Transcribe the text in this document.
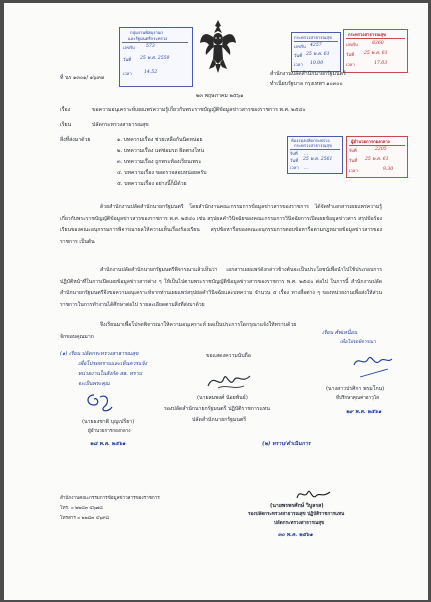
กลุ่มงานพัสดุงานก
และรัฐมนตรีกระทรวง
เลขรับ 573
วันที่ 25 พ.ค. 2559
เวลา	14.52
กระทรวงสาธารณสุข
เลขรับ 4257
วันที่ 25 พ.ค. 61
เวลา 10.00
กระทรวงสาธารณสุข
เลขรับ	8360
วันที่ 25 พ.ค. 61
เวลา	17.03
ที่ นร ๑๓๐๑/ ๑๖๙๗
สำนักงานปลัดสำนักนายกรัฐมนตรี
ทำเนียบรัฐบาล กรุงเทพฯ ๑๐๓๐๐
๒๓ พฤษภาคม ๒๕๖๑
เรื่อง	ขอความอนุเคราะห์เผยแพร่ความรู้เกี่ยวกับพระราชบัญญัติข้อมูลข่าวสารของราชการ พ.ศ. ๒๕๔๐
เรียน	ปลัดกระทรวงสาธารณสุข
สิ่งที่ส่งมาด้วย	๑. บทความเรื่อง ช่วยเหลือกันนิดหน่อย
๒. บทความเรื่อง แต่ช่อมรถ ผิดตรงไหน
๓. บทความเรื่อง ถูกพระท้องเรียนเพระ
๔. บทความเรื่อง ขอดรวจสอบหน่อยครับ
๕. บทความเรื่อง อย่างนี้ก็มีด้วย
ห้องรองปลัดกระทรวง
กระทรวงสาธารณสุข
รับที่ ...
วันที่ 25 พ.ค. 2561
เวลา ...
ผู้อำนวยการกองกลาง
รับที่	2205
วันที่ 25 พ.ค. 61
เวลา	9.30
ด้วยสำนักงานปลัดสำนักนายกรัฐมนตรี โดยสำนักงานคณะกรรมการข้อมูลข่าวสารของราชการ ได้จัดทำเอกสารเผยแพร่ความรู้เกี่ยวกับพระราชบัญญัติข้อมูลข่าวสารของราชการ พ.ศ. ๒๕๔๐ เช่น สรุปผลคำวินิจฉัยของคณะกรรมการวินิจฉัยการเปิดเผยข้อมูลข่าวสาร สรุปข้อร้องเรียนของคณะอนุกรรมการพิจารณาผลให้ความเห็นเรื่องร้องเรียน สรุปข้อหารือของคณะอนุกรรมการตอบข้อหารือตามกฎหมายข้อมูลข่าวสารของราชการ เป็นต้น
สำนักงานปลัดสำนักนายกรัฐมนตรีพิจารณาแล้วเห็นว่า เอกสารเผยแพร่ดังกล่าวข้างต้นจะเป็นประโยชน์เพื่อนำไปใช้ประกอบการปฏิบัติหน้าที่ในการเปิดเผยข้อมูลข่าวสารต่าง ๆ ให้เป็นไปตามพระราชบัญญัติข้อมูลข่าวสารของราชการ พ.ศ. ๒๕๔๐ ต่อไป ในการนี้ สำนักงานปลัดสำนักนายกรัฐมนตรีจึงขอความอนุเคราะห์จากท่านเผยแพร่สรุปย่อคำวินิจฉัยและบทความ จำนวน ๕ เรื่อง ทางสื่อต่าง ๆ ของหน่วยงานเพื่อส่งให้ส่วนราชการในการทำงานได้ศึกษาต่อไป รายละเอียดตามสิ่งที่ส่งมาด้วย
จึงเรียนมาเพื่อโปรดพิจารณาให้ความอนุเคราะห์ ผลเป็นประการใดกรุณาแจ้งให้ทราบด้วย
จักขอบคุณมาก
เรียน ศ์ฟเหนื่อน
เพื่อโปรดพิจารณา
(๑) เรียน ปลัดกระทรวงสาธารณสุข
เพื่อโปรดทราบและเห็นควรแจ้ง
หน่วยงานในสังกัด สธ. ทราบ
จะเป็นพระคุณ
ขอแสดงความนับถือ
(นายสมพงศ์ น้อยพันธ์)
รองปลัดสำนักนายกรัฐมนตรี ปฏิบัติราชการแทน
ปลัดสำนักนายกรัฐมนตรี
(นางสาวปรศิกา พรมโกน)
ที่ปรึกษาคุณค่าอาวุโส
๒๙ พ.ค. ๒๕๖๑
(นายธงชาติ บุญเปรียา)
ผู้อำนวยการกองกลาง
๒๘ พ.ค. ๒๕๖๑	(๒) ทราบ/ดำเนินการ
(นายพรพรศักษ์ วิบูลรส)
รองปลัดกระทรวงสาธารณสุข ปฏิบัติราชการแทน
ปลัดกระทรวงสาธารณสุข
๓๐ พ.ค. ๒๕๖๑
สำนักงานคณะกรรมการข้อมูลข่าวสารของราชการ
โทร. ๐ ๒๒๘๓ ๔๖๗๘
โทรสาร ๐ ๒๒๘๓ ๔๖๙๘
